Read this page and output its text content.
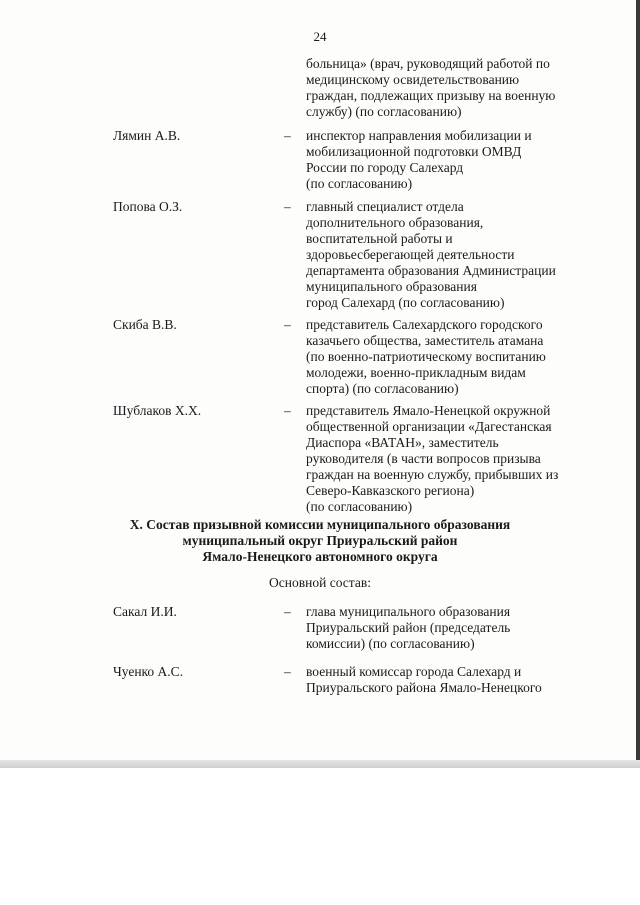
24
больница» (врач, руководящий работой по
медицинскому освидетельствованию
граждан, подлежащих призыву на военную
службу) (по согласованию)
Лямин А.В.	– инспектор направления мобилизации и
мобилизационной подготовки ОМВД
России по городу Салехард
(по согласованию)
Попова О.З.	– главный специалист отдела
дополнительного образования,
воспитательной работы и
здоровьесберегающей деятельности
департамента образования Администрации
муниципального образования
город Салехард (по согласованию)
Скиба В.В.	– представитель Салехардского городского
казачьего общества, заместитель атамана
(по военно-патриотическому воспитанию
молодежи, военно-прикладным видам
спорта) (по согласованию)
Шублаков Х.Х.	– представитель Ямало-Ненецкой окружной
общественной организации «Дагестанская
Диаспора «ВАТАН», заместитель
руководителя (в части вопросов призыва
граждан на военную службу, прибывших из
Северо-Кавказского региона)
(по согласованию)
X. Состав призывной комиссии муниципального образования
муниципальный округ Приуральский район
Ямало-Ненецкого автономного округа
Основной состав:
Сакал И.И.	– глава муниципального образования
Приуральский район (председатель
комиссии) (по согласованию)
Чуенко А.С.	– военный комиссар города Салехард и
Приуральского района Ямало-Ненецкого
